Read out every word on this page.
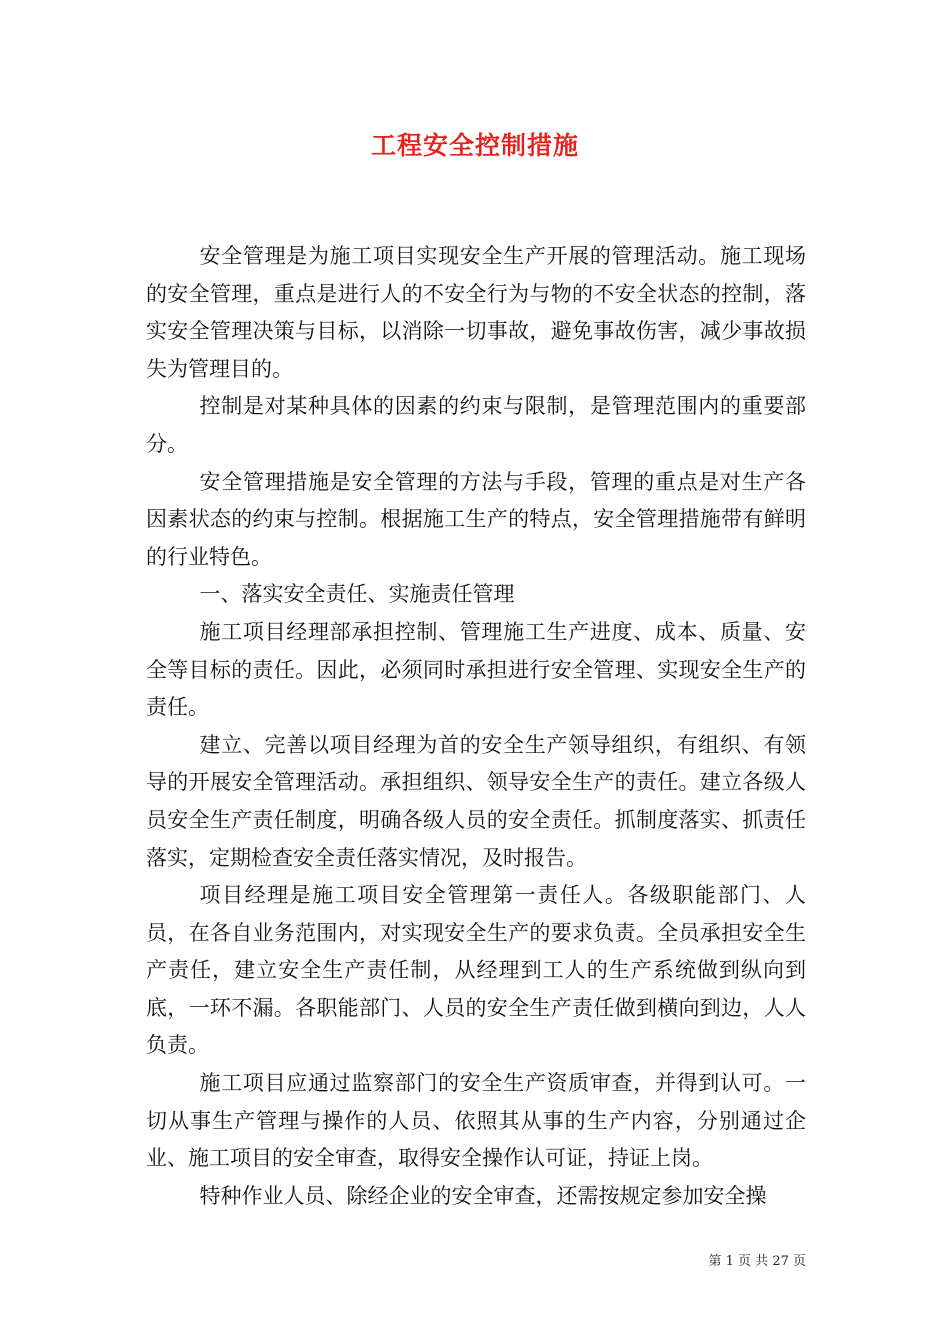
工程安全控制措施

安全管理是为施工项目实现安全生产开展的管理活动。施工现场的安全管理，重点是进行人的不安全行为与物的不安全状态的控制，落实安全管理决策与目标，以消除一切事故，避免事故伤害，减少事故损失为管理目的。

控制是对某种具体的因素的约束与限制，是管理范围内的重要部分。

安全管理措施是安全管理的方法与手段，管理的重点是对生产各因素状态的约束与控制。根据施工生产的特点，安全管理措施带有鲜明的行业特色。

一、落实安全责任、实施责任管理

施工项目经理部承担控制、管理施工生产进度、成本、质量、安全等目标的责任。因此，必须同时承担进行安全管理、实现安全生产的责任。

建立、完善以项目经理为首的安全生产领导组织，有组织、有领导的开展安全管理活动。承担组织、领导安全生产的责任。建立各级人员安全生产责任制度，明确各级人员的安全责任。抓制度落实、抓责任落实，定期检查安全责任落实情况，及时报告。

项目经理是施工项目安全管理第一责任人。各级职能部门、人员，在各自业务范围内，对实现安全生产的要求负责。全员承担安全生产责任，建立安全生产责任制，从经理到工人的生产系统做到纵向到底，一环不漏。各职能部门、人员的安全生产责任做到横向到边，人人负责。

施工项目应通过监察部门的安全生产资质审查，并得到认可。一切从事生产管理与操作的人员、依照其从事的生产内容，分别通过企业、施工项目的安全审查，取得安全操作认可证，持证上岗。

特种作业人员、除经企业的安全审查，还需按规定参加安全操

第 1 页 共 27 页
